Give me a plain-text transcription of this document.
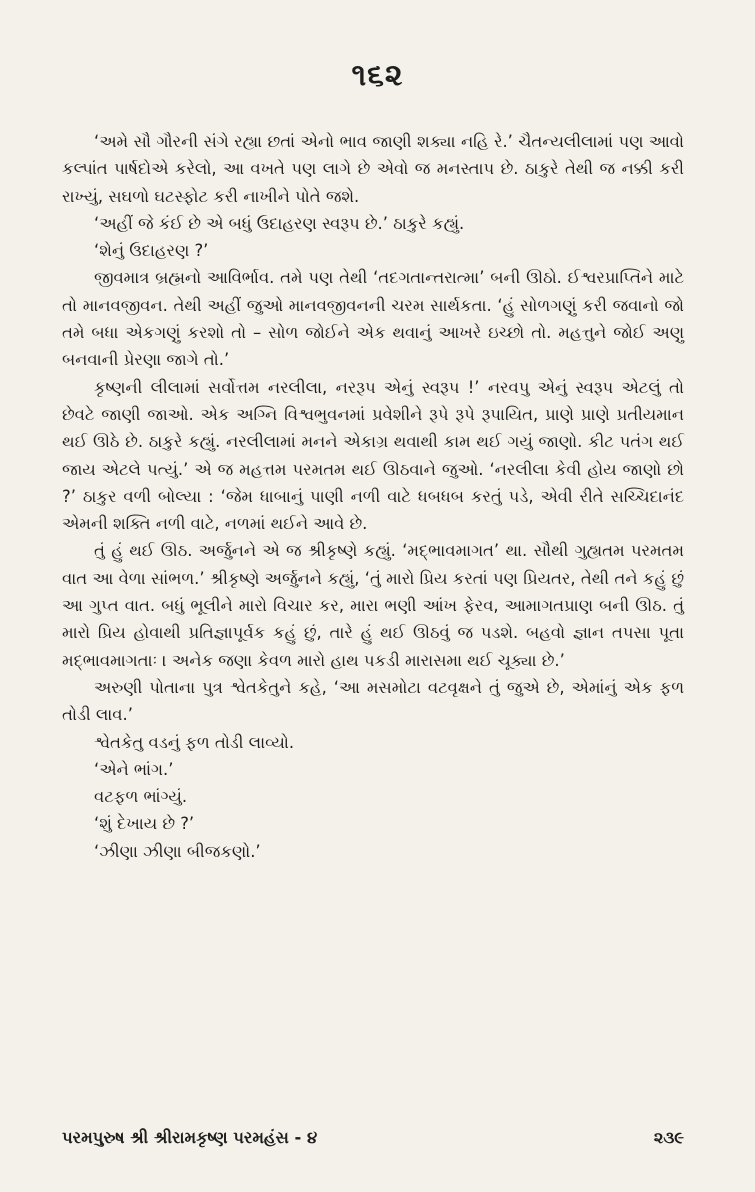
૧૬૨

‘અમે સૌ ગૌરની સંગે રહ્યા છતાં એનો ભાવ જાણી શક્યા નહિ રે.’ ચૈતન્યલીલામાં પણ આવો કલ્પાંત પાર્ષદોએ કરેલો, આ વખતે પણ લાગે છે એવો જ મનસ્તાપ છે. ઠાકુરે તેથી જ નક્કી કરી રાખ્યું, સઘળો ઘટસ્ફોટ કરી નાખીને પોતે જશે.

‘અહીં જે કંઈ છે એ બધું ઉદાહરણ સ્વરૂપ છે.’ ઠાકુરે કહ્યું.

‘શેનું ઉદાહરણ ?’

જીવમાત્ર બ્રહ્મનો આવિર્ભાવ. તમે પણ તેથી ‘તદગતાન્તરાત્મા’ બની ઊઠો. ઈશ્વરપ્રાપ્તિને માટે તો માનવજીવન. તેથી અહીં જુઓ માનવજીવનની ચરમ સાર્થકતા. ‘હું સોળગણું કરી જવાનો જો તમે બધા એકગણું કરશો તો – સોળ જોઈને એક થવાનું આખરે ઇચ્છો તો. મહત્તુને જોઈ અણુ બનવાની પ્રેરણા જાગે તો.’

કૃષ્ણની લીલામાં સર્વોત્તમ નરલીલા, નરરૂપ એનું સ્વરૂપ !’ નરવપુ એનું સ્વરૂપ એટલું તો છેવટે જાણી જાઓ. એક અગ્નિ વિશ્વભુવનમાં પ્રવેશીને રૂપે રૂપે રૂપાયિત, પ્રાણે પ્રાણે પ્રતીયમાન થઈ ઊઠે છે. ઠાકુરે કહ્યું. નરલીલામાં મનને એકાગ્ર થવાથી કામ થઈ ગયું જાણો. કીટ પતંગ થઈ જાય એટલે પત્યું.’ એ જ મહત્તમ પરમતમ થઈ ઊઠવાને જુઓ. ‘નરલીલા કેવી હોય જાણો છો ?’ ઠાકુર વળી બોલ્યા : ‘જેમ ધાબાનું પાણી નળી વાટે ધબધબ કરતું પડે, એવી રીતે સચ્ચિદાનંદ એમની શક્તિ નળી વાટે, નળમાં થઈને આવે છે.

તું હું થઈ ઊઠ. અર્જુનને એ જ શ્રીકૃષ્ણે કહ્યું. ‘મદ્‌ભાવમાગત’ થા. સૌથી ગુહ્યતમ પરમતમ વાત આ વેળા સાંભળ.’ શ્રીકૃષ્ણે અર્જુનને કહ્યું, ‘તું મારો પ્રિય કરતાં પણ પ્રિયતર, તેથી તને કહું છું આ ગુપ્ત વાત. બધું ભૂલીને મારો વિચાર કર, મારા ભણી આંખ ફેરવ, આમાગતપ્રાણ બની ઊઠ. તું મારો પ્રિય હોવાથી પ્રતિજ્ઞાપૂર્વક કહું છું, તારે હું થઈ ઊઠવું જ પડશે. બહવો જ્ઞાન તપસા પૂતા મદ્‌ભાવમાગતાઃ । અનેક જણા કેવળ મારો હાથ પકડી મારાસમા થઈ ચૂક્યા છે.’

અરુણી પોતાના પુત્ર શ્વેતકેતુને કહે, ‘આ મસમોટા વટવૃક્ષને તું જુએ છે, એમાંનું એક ફળ તોડી લાવ.’

શ્વેતકેતુ વડનું ફળ તોડી લાવ્યો.

‘એને ભાંગ.’

વટફળ ભાંગ્યું.

‘શું દેખાય છે ?’

‘ઝીણા ઝીણા બીજકણો.’

પરમપુરુષ શ્રી શ્રીરામકૃષ્ણ પરમહંસ - ૪	૨૩૯
